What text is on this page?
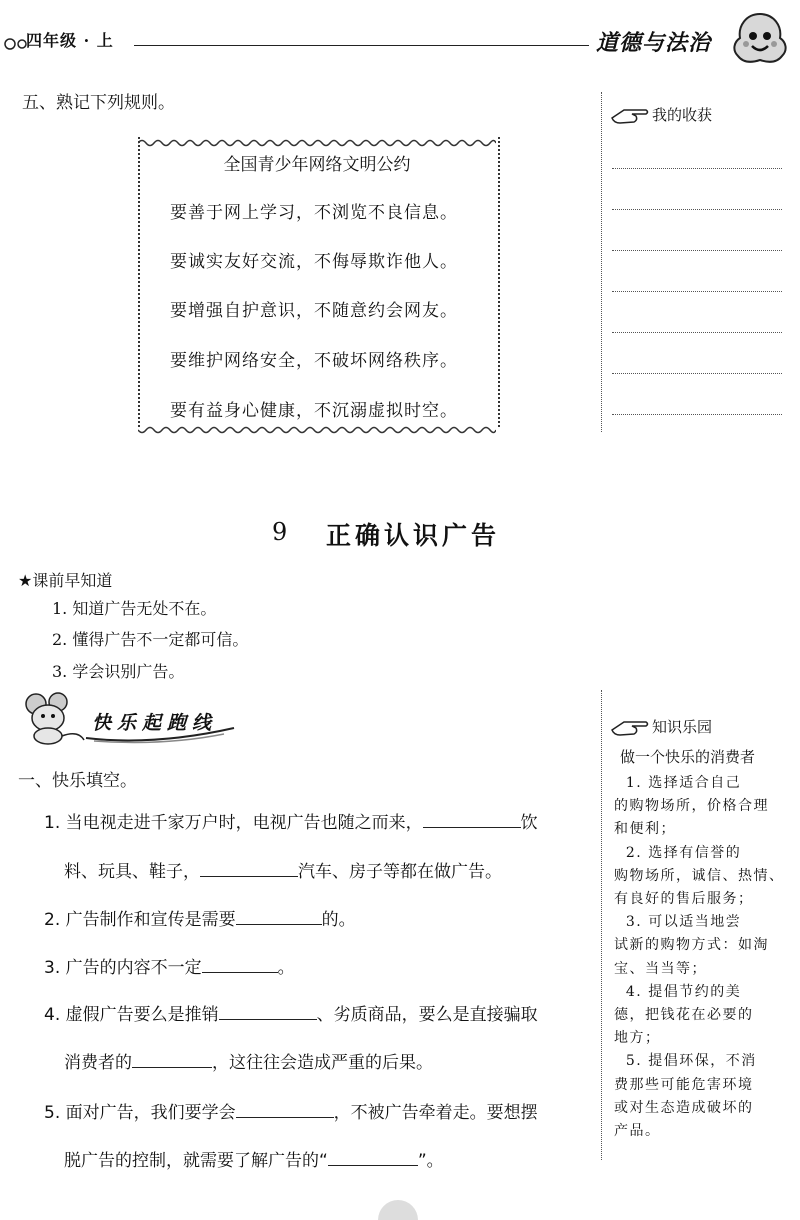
四年级 · 上	道德与法治
五、熟记下列规则。
全国青少年网络文明公约
要善于网上学习，不浏览不良信息。
要诚实友好交流，不侮辱欺诈他人。
要增强自护意识，不随意约会网友。
要维护网络安全，不破坏网络秩序。
要有益身心健康，不沉溺虚拟时空。
我的收获
9 正确认识广告
★课前早知道
1. 知道广告无处不在。
2. 懂得广告不一定都可信。
3. 学会识别广告。
快乐起跑线
一、快乐填空。
1. 当电视走进千家万户时，电视广告也随之而来，	饮
料、玩具、鞋子，	汽车、房子等都在做广告。
2. 广告制作和宣传是需要	的。
3. 广告的内容不一定	。
4. 虚假广告要么是推销	、劣质商品，要么是直接骗取
消费者的	，这往往会造成严重的后果。
5. 面对广告，我们要学会	，不被广告牵着走。要想摆
脱广告的控制，就需要了解广告的“	”。
知识乐园
做一个快乐的消费者
1. 选择适合自己
的购物场所，价格合理
和便利；
2. 选择有信誉的
购物场所，诚信、热情、
有良好的售后服务；
3. 可以适当地尝
试新的购物方式：如淘
宝、当当等；
4. 提倡节约的美
德，把钱花在必要的
地方；
5. 提倡环保，不消
费那些可能危害环境
或对生态造成破坏的
产品。
